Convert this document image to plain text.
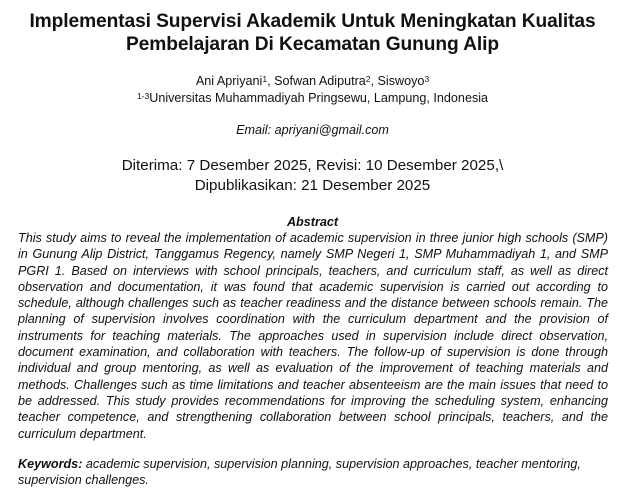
Implementasi Supervisi Akademik Untuk Meningkatan Kualitas
Pembelajaran Di Kecamatan Gunung Alip
Ani Apriyani$^1$, Sofwan Adiputra$^2$, Siswoyo$^3$
$^{1-3}$Universitas Muhammadiyah Pringsewu, Lampung, Indonesia
Email: apriyani@gmail.com
Diterima: 7 Desember 2025, Revisi: 10 Desember 2025,\
Dipublikasikan: 21 Desember 2025
Abstract
This study aims to reveal the implementation of academic supervision in three junior high schools (SMP) in Gunung Alip District, Tanggamus Regency, namely SMP Negeri 1, SMP Muhammadiyah 1, and SMP PGRI 1. Based on interviews with school principals, teachers, and curriculum staff, as well as direct observation and documentation, it was found that academic supervision is carried out according to schedule, although challenges such as teacher readiness and the distance between schools remain. The planning of supervision involves coordination with the curriculum department and the provision of instruments for teaching materials. The approaches used in supervision include direct observation, document examination, and collaboration with teachers. The follow-up of supervision is done through individual and group mentoring, as well as evaluation of the improvement of teaching materials and methods. Challenges such as time limitations and teacher absenteeism are the main issues that need to be addressed. This study provides recommendations for improving the scheduling system, enhancing teacher competence, and strengthening collaboration between school principals, teachers, and the curriculum department.
Keywords: academic supervision, supervision planning, supervision approaches, teacher mentoring, supervision challenges.
